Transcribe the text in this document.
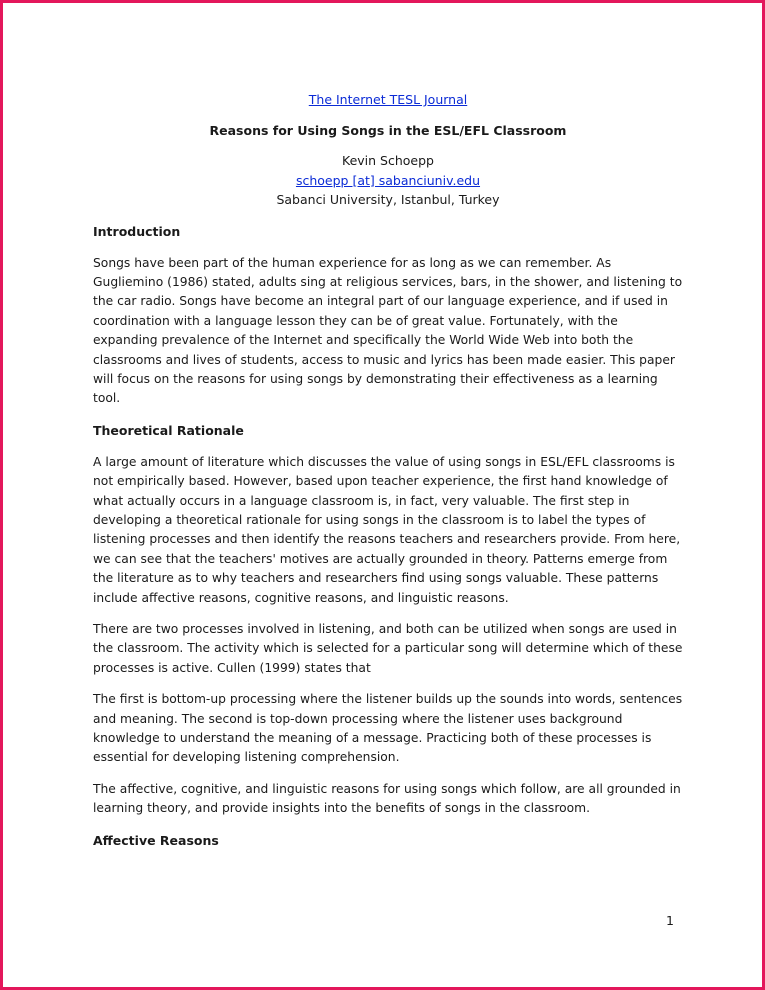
The Internet TESL Journal
Reasons for Using Songs in the ESL/EFL Classroom
Kevin Schoepp
schoepp [at] sabanciuniv.edu
Sabanci University, Istanbul, Turkey
Introduction

Songs have been part of the human experience for as long as we can remember. As Gugliemino (1986) stated, adults sing at religious services, bars, in the shower, and listening to the car radio. Songs have become an integral part of our language experience, and if used in coordination with a language lesson they can be of great value. Fortunately, with the expanding prevalence of the Internet and specifically the World Wide Web into both the classrooms and lives of students, access to music and lyrics has been made easier. This paper will focus on the reasons for using songs by demonstrating their effectiveness as a learning tool.

Theoretical Rationale

A large amount of literature which discusses the value of using songs in ESL/EFL classrooms is not empirically based. However, based upon teacher experience, the first hand knowledge of what actually occurs in a language classroom is, in fact, very valuable. The first step in developing a theoretical rationale for using songs in the classroom is to label the types of listening processes and then identify the reasons teachers and researchers provide. From here, we can see that the teachers' motives are actually grounded in theory. Patterns emerge from the literature as to why teachers and researchers find using songs valuable. These patterns include affective reasons, cognitive reasons, and linguistic reasons.

There are two processes involved in listening, and both can be utilized when songs are used in the classroom. The activity which is selected for a particular song will determine which of these processes is active. Cullen (1999) states that

The first is bottom-up processing where the listener builds up the sounds into words, sentences and meaning. The second is top-down processing where the listener uses background knowledge to understand the meaning of a message. Practicing both of these processes is essential for developing listening comprehension.

The affective, cognitive, and linguistic reasons for using songs which follow, are all grounded in learning theory, and provide insights into the benefits of songs in the classroom.

Affective Reasons
1
